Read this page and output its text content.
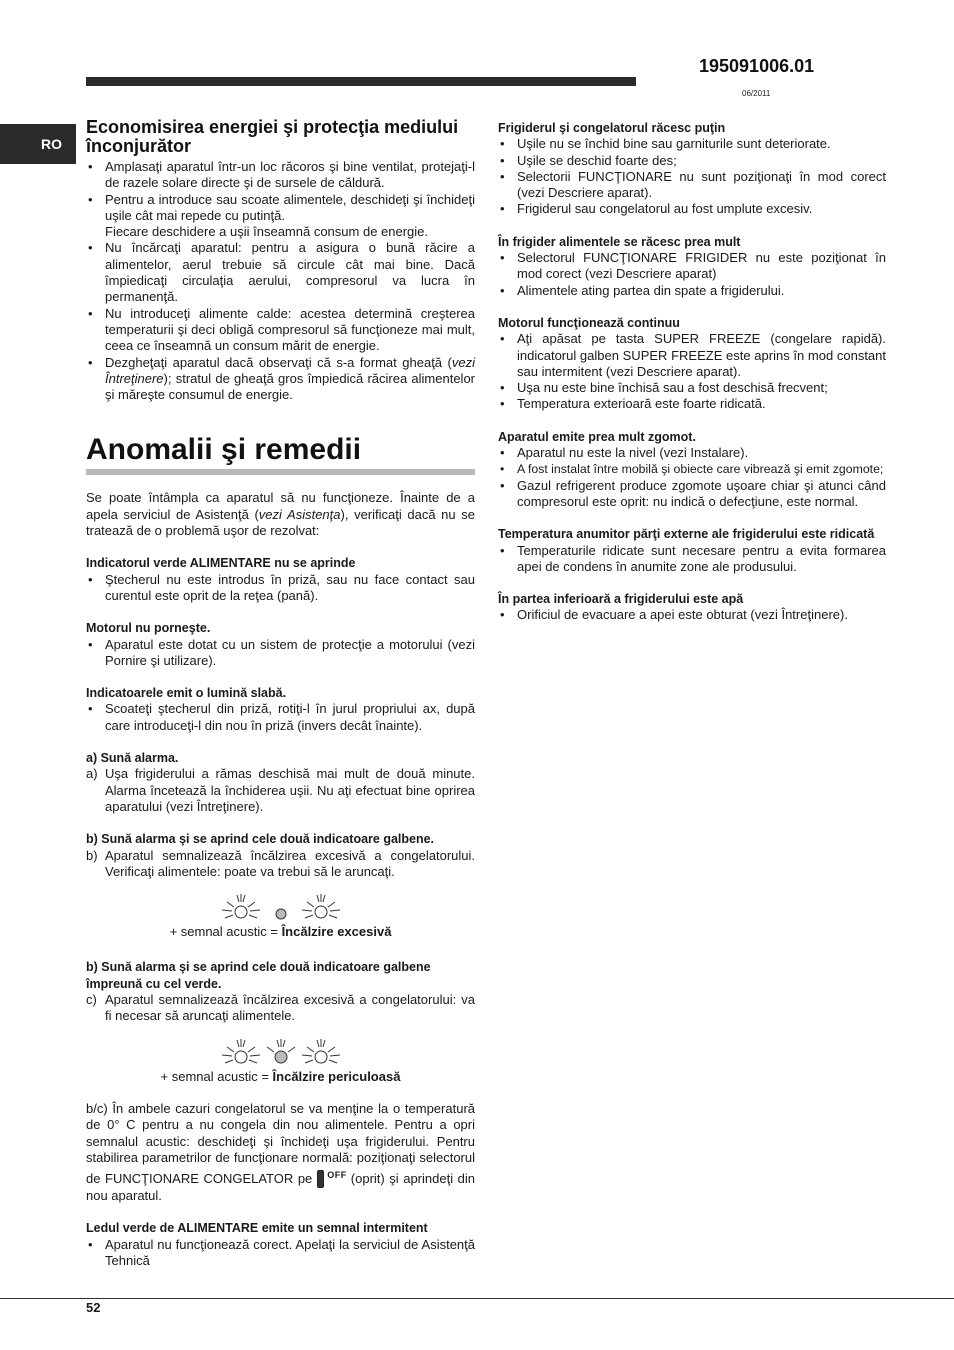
195091006.01
06/2011
RO
Economisirea energiei şi protecţia mediului înconjurător
• Amplasaţi aparatul într-un loc răcoros şi bine ventilat, protejaţi-l de razele solare directe şi de sursele de căldură.
• Pentru a introduce sau scoate alimentele, deschideţi şi închideţi uşile cât mai repede cu putinţă.
Fiecare deschidere a uşii înseamnă consum de energie.
• Nu încărcaţi aparatul: pentru a asigura o bună răcire a alimentelor, aerul trebuie să circule cât mai bine. Dacă împiedicaţi circulaţia aerului, compresorul va lucra în permanenţă.
• Nu introduceţi alimente calde: acestea determină creşterea temperaturii şi deci obligă compresorul să funcţioneze mai mult, ceea ce înseamnă un consum mărit de energie.
• Dezgheţaţi aparatul dacă observaţi că s-a format gheaţă (vezi Întreţinere); stratul de gheaţă gros împiedică răcirea alimentelor şi măreşte consumul de energie.
Anomalii şi remedii

Se poate întâmpla ca aparatul să nu funcţioneze. Înainte de a apela serviciul de Asistenţă (vezi Asistenţa), verificaţi dacă nu se tratează de o problemă uşor de rezolvat:

Indicatorul verde ALIMENTARE nu se aprinde
• Ştecherul nu este introdus în priză, sau nu face contact sau curentul este oprit de la reţea (pană).
Motorul nu porneşte.
• Aparatul este dotat cu un sistem de protecţie a motorului (vezi Pornire şi utilizare).
Indicatoarele emit o lumină slabă.
• Scoateţi ştecherul din priză, rotiţi-l în jurul propriului ax, după care introduceţi-l din nou în priză (invers decât înainte).
a) Sună alarma.
a) Uşa frigiderului a rămas deschisă mai mult de două minute. Alarma încetează la închiderea uşii. Nu aţi efectuat bine oprirea aparatului (vezi Întreţinere).
b) Sună alarma şi se aprind cele două indicatoare galbene.
b) Aparatul semnalizează încălzirea excesivă a congelatorului. Verificaţi alimentele: poate va trebui să le aruncaţi.
+ semnal acustic = Încălzire excesivă
b) Sună alarma şi se aprind cele două indicatoare galbene împreună cu cel verde.
c) Aparatul semnalizează încălzirea excesivă a congelatorului: va fi necesar să aruncaţi alimentele.
+ semnal acustic = Încălzire periculoasă

b/c) În ambele cazuri congelatorul se va menţine la o temperatură de 0° C pentru a nu congela din nou alimentele. Pentru a opri semnalul acustic: deschideţi şi închideţi uşa frigiderului. Pentru stabilirea parametrilor de funcţionare normală: poziţionaţi selectorul de FUNCŢIONARE CONGELATOR pe $^{OFF}$ (oprit) şi aprindeţi din nou aparatul.

Ledul verde de ALIMENTARE emite un semnal intermitent
• Aparatul nu funcţionează corect. Apelaţi la serviciul de Asistenţă Tehnică
Frigiderul şi congelatorul răcesc puţin
• Uşile nu se închid bine sau garniturile sunt deteriorate.
• Uşile se deschid foarte des;
• Selectorii FUNCŢIONARE nu sunt poziţionaţi în mod corect (vezi Descriere aparat).
• Frigiderul sau congelatorul au fost umplute excesiv.
În frigider alimentele se răcesc prea mult
• Selectorul FUNCŢIONARE FRIGIDER nu este poziţionat în mod corect (vezi Descriere aparat)
• Alimentele ating partea din spate a frigiderului.
Motorul funcţionează continuu
• Aţi apăsat pe tasta SUPER FREEZE (congelare rapidă). indicatorul galben SUPER FREEZE este aprins în mod constant sau intermitent (vezi Descriere aparat).
• Uşa nu este bine închisă sau a fost deschisă frecvent;
• Temperatura exterioară este foarte ridicată.
Aparatul emite prea mult zgomot.
• Aparatul nu este la nivel (vezi Instalare).
• A fost instalat între mobilă şi obiecte care vibrează şi emit zgomote;
• Gazul refrigerent produce zgomote uşoare chiar şi atunci când compresorul este oprit: nu indică o defecţiune, este normal.
Temperatura anumitor părţi externe ale frigiderului este ridicată
• Temperaturile ridicate sunt necesare pentru a evita formarea apei de condens în anumite zone ale produsului.
În partea inferioară a frigiderului este apă
• Orificiul de evacuare a apei este obturat (vezi Întreţinere).
52
